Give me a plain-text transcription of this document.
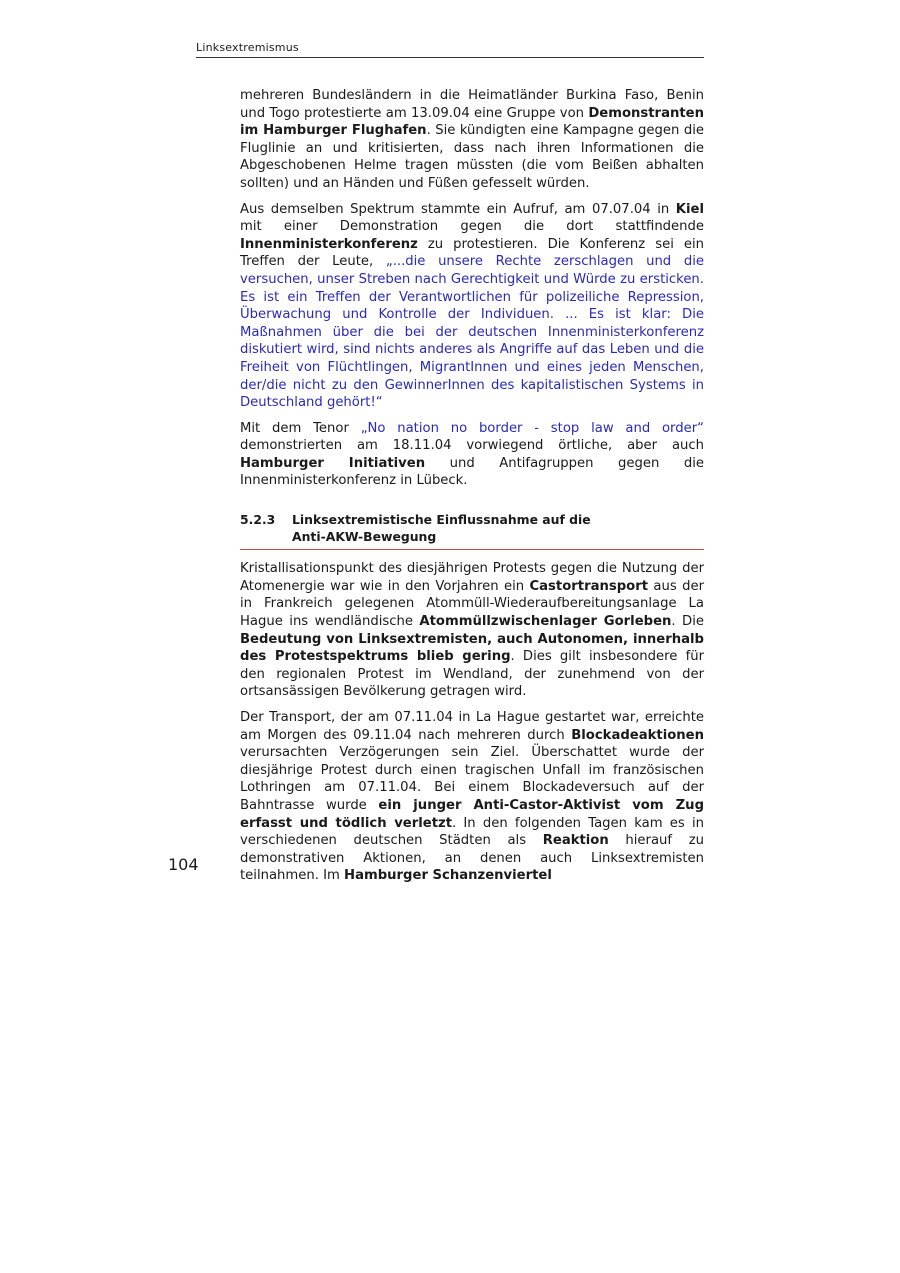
Linksextremismus

mehreren Bundesländern in die Heimatländer Burkina Faso, Benin und Togo protestierte am 13.09.04 eine Gruppe von Demonstranten im Hamburger Flughafen. Sie kündigten eine Kampagne gegen die Fluglinie an und kritisierten, dass nach ihren Informationen die Abgeschobenen Helme tragen müssten (die vom Beißen abhalten sollten) und an Händen und Füßen gefesselt würden.

Aus demselben Spektrum stammte ein Aufruf, am 07.07.04 in Kiel mit einer Demonstration gegen die dort stattfindende Innenministerkonferenz zu protestieren. Die Konferenz sei ein Treffen der Leute, „...die unsere Rechte zerschlagen und die versuchen, unser Streben nach Gerechtigkeit und Würde zu ersticken. Es ist ein Treffen der Verantwortlichen für polizeiliche Repression, Überwachung und Kontrolle der Individuen. ... Es ist klar: Die Maßnahmen über die bei der deutschen Innenministerkonferenz diskutiert wird, sind nichts anderes als Angriffe auf das Leben und die Freiheit von Flüchtlingen, MigrantInnen und eines jeden Menschen, der/die nicht zu den GewinnerInnen des kapitalistischen Systems in Deutschland gehört!“

Mit dem Tenor „No nation no border - stop law and order“ demonstrierten am 18.11.04 vorwiegend örtliche, aber auch Hamburger Initiativen und Antifagruppen gegen die Innenministerkonferenz in Lübeck.

5.2.3	Linksextremistische Einflussnahme auf die
Anti-AKW-Bewegung

Kristallisationspunkt des diesjährigen Protests gegen die Nutzung der Atomenergie war wie in den Vorjahren ein Castortransport aus der in Frankreich gelegenen Atommüll-Wiederaufbereitungsanlage La Hague ins wendländische Atommüllzwischenlager Gorleben. Die Bedeutung von Linksextremisten, auch Autonomen, innerhalb des Protestspektrums blieb gering. Dies gilt insbesondere für den regionalen Protest im Wendland, der zunehmend von der ortsansässigen Bevölkerung getragen wird.

Der Transport, der am 07.11.04 in La Hague gestartet war, erreichte am Morgen des 09.11.04 nach mehreren durch Blockadeaktionen verursachten Verzögerungen sein Ziel. Überschattet wurde der diesjährige Protest durch einen tragischen Unfall im französischen Lothringen am 07.11.04. Bei einem Blockadeversuch auf der Bahntrasse wurde ein junger Anti-Castor-Aktivist vom Zug erfasst und tödlich verletzt. In den folgenden Tagen kam es in verschiedenen deutschen Städten als Reaktion hierauf zu demonstrativen Aktionen, an denen auch Linksextremisten teilnahmen. Im Hamburger Schanzenviertel

104
